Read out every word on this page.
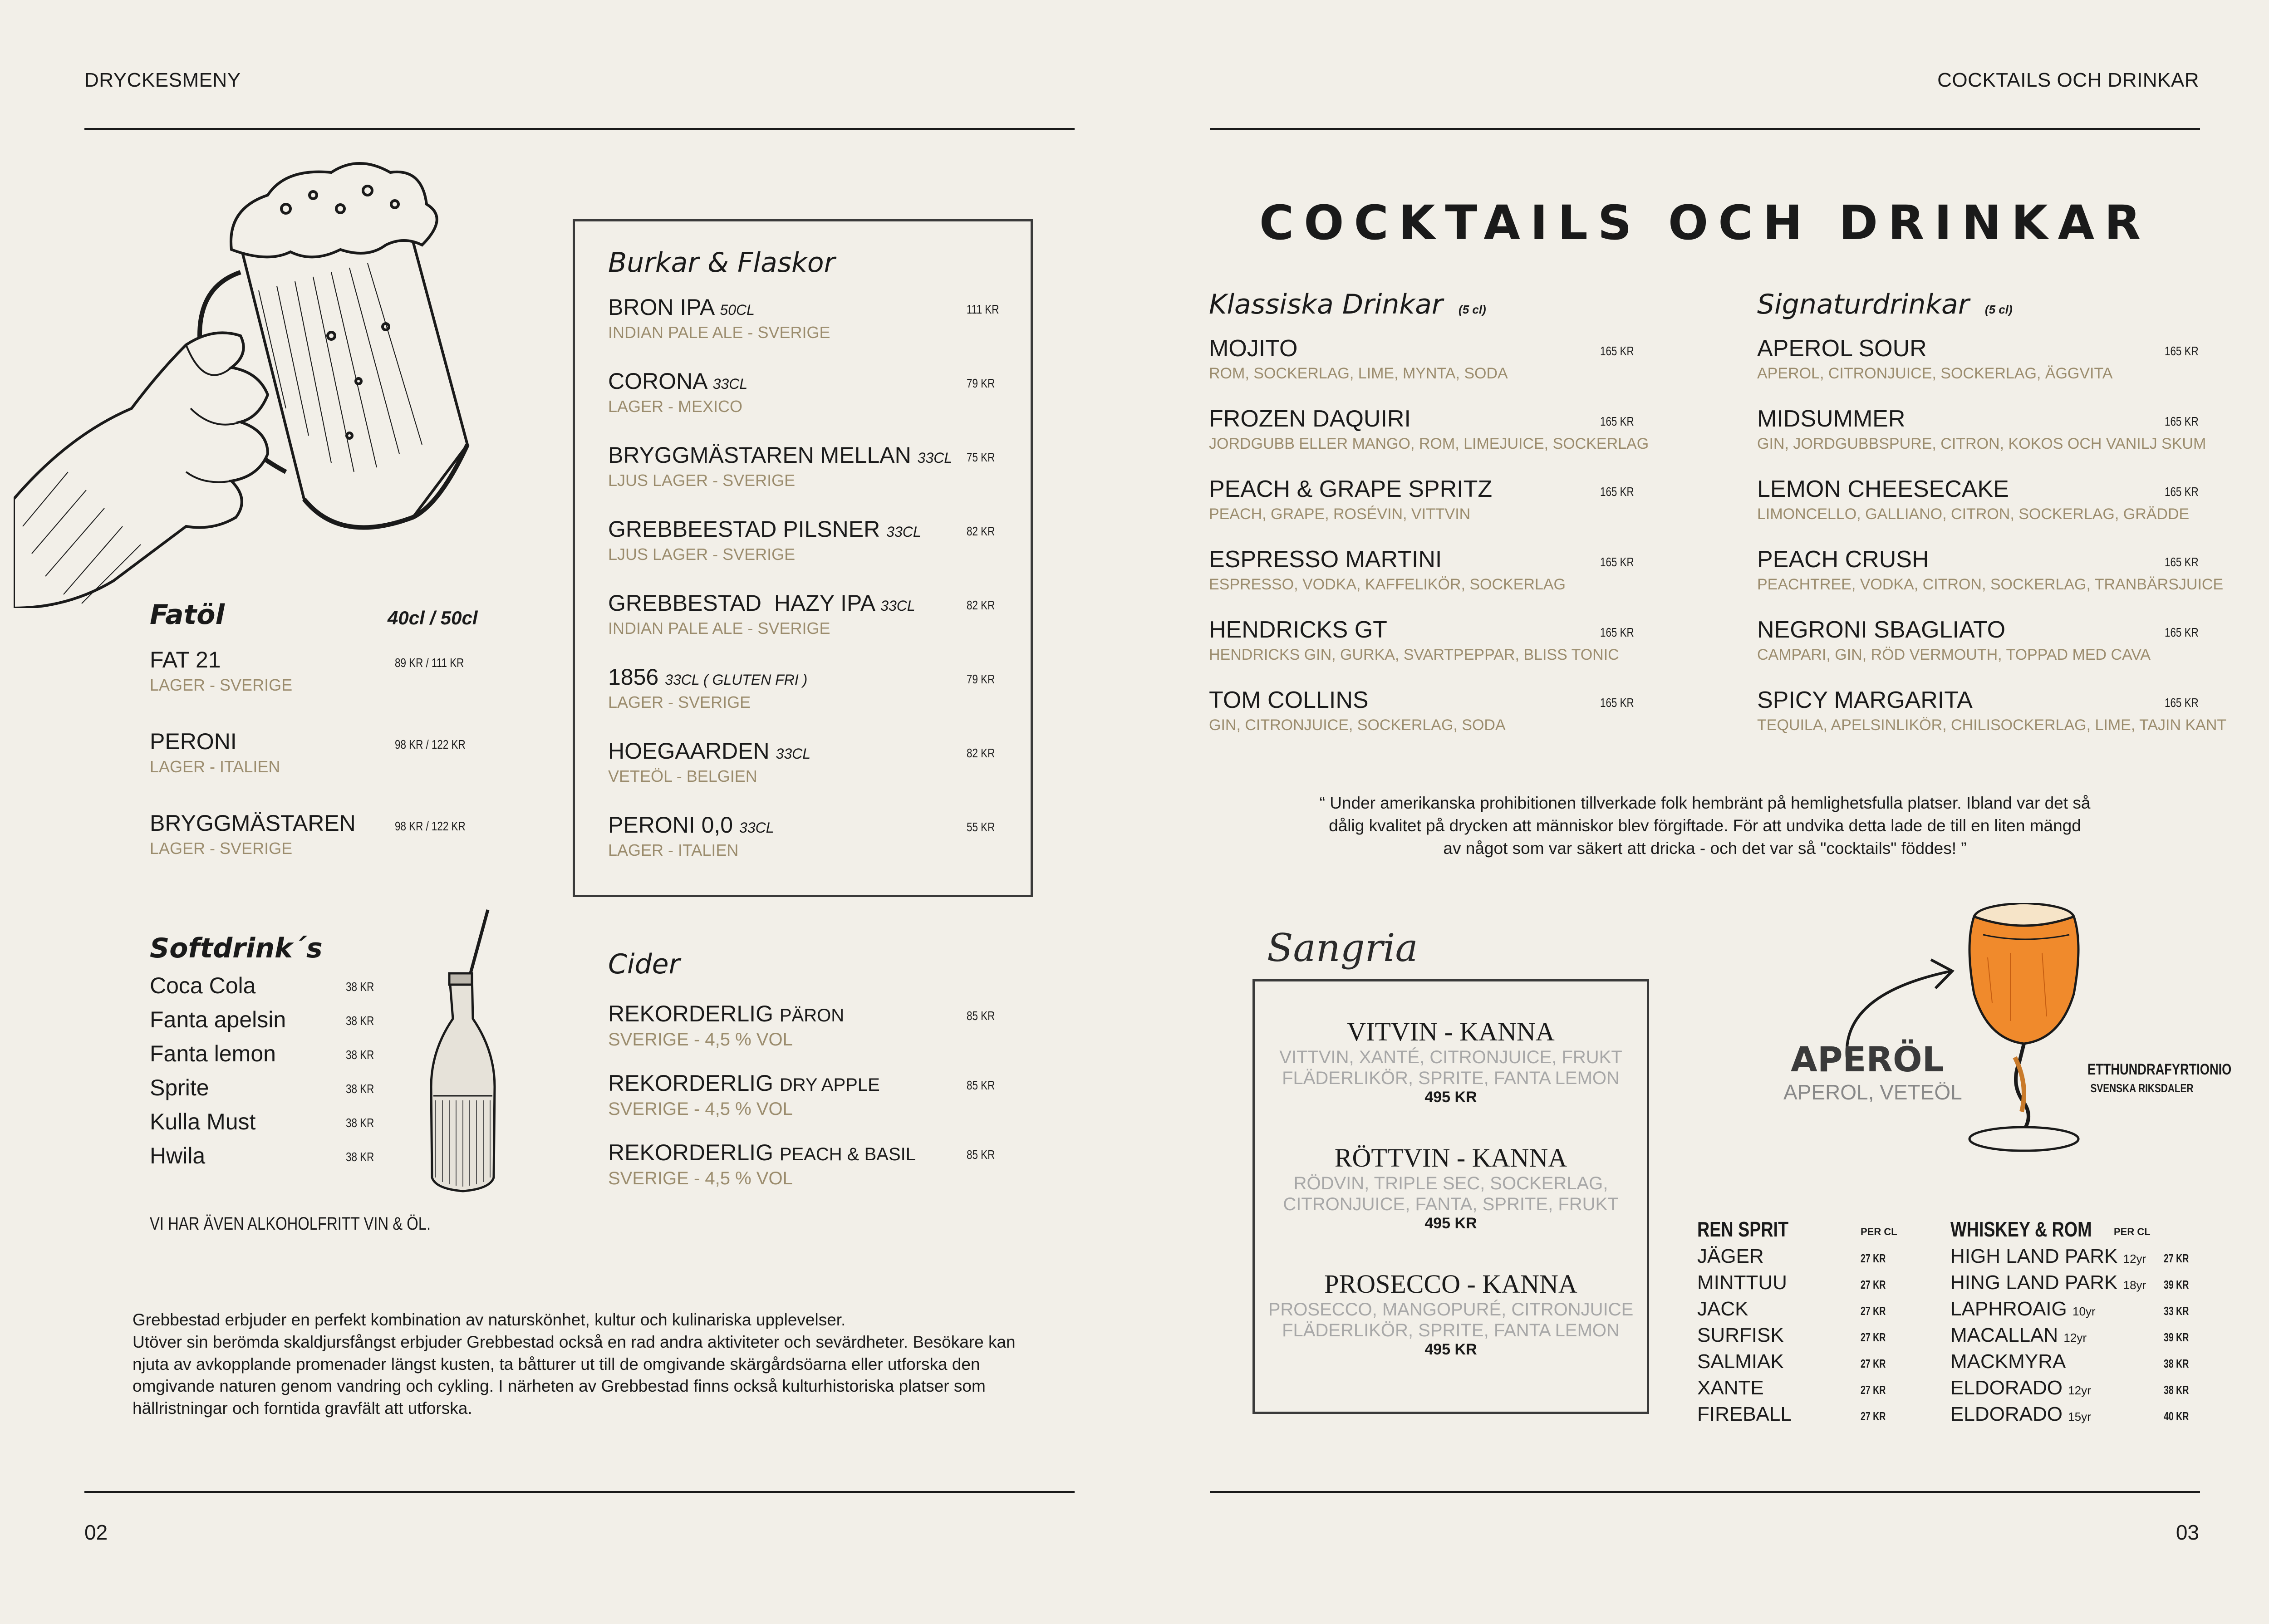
DRYCKESMENY	COCKTAILS OCH DRINKAR
02	03
Fatöl	40cl / 50cl
FAT 21
LAGER - SVERIGE
89 KR / 111 KR
PERONI
LAGER - ITALIEN
98 KR / 122 KR
BRYGGMÄSTAREN
LAGER - SVERIGE
98 KR / 122 KR
Burkar & Flaskor
BRON IPA 50CL
INDIAN PALE ALE - SVERIGE
111 KR
CORONA 33CL
LAGER - MEXICO
79 KR
BRYGGMÄSTAREN MELLAN 33CL
LJUS LAGER - SVERIGE
75 KR
GREBBEESTAD PILSNER 33CL
LJUS LAGER - SVERIGE
82 KR
GREBBESTAD  HAZY IPA 33CL
INDIAN PALE ALE - SVERIGE
82 KR
1856 33CL ( GLUTEN FRI )
LAGER - SVERIGE
79 KR
HOEGAARDEN 33CL
VETEÖL - BELGIEN
82 KR
PERONI 0,0 33CL
LAGER - ITALIEN
55 KR
Softdrink´s
Coca Cola	38 KR
Fanta apelsin	38 KR
Fanta lemon	38 KR
Sprite	38 KR
Kulla Must	38 KR
Hwila	38 KR
VI HAR ÄVEN ALKOHOLFRITT VIN & ÖL.
Cider
REKORDERLIG PÄRON
SVERIGE - 4,5 % VOL
85 KR
REKORDERLIG DRY APPLE
SVERIGE - 4,5 % VOL
85 KR
REKORDERLIG PEACH & BASIL
SVERIGE - 4,5 % VOL
85 KR
Grebbestad erbjuder en perfekt kombination av naturskönhet, kultur och kulinariska upplevelser.
Utöver sin berömda skaldjursfångst erbjuder Grebbestad också en rad andra aktiviteter och sevärdheter. Besökare kan njuta av avkopplande promenader längst kusten, ta båtturer ut till de omgivande skärgårdsöarna eller utforska den omgivande naturen genom vandring och cykling. I närheten av Grebbestad finns också kulturhistoriska platser som hällristningar och forntida gravfält att utforska.
COCKTAILS OCH DRINKAR
Klassiska Drinkar (5 cl)
MOJITO
ROM, SOCKERLAG, LIME, MYNTA, SODA
165 KR
FROZEN DAQUIRI
JORDGUBB ELLER MANGO, ROM, LIMEJUICE, SOCKERLAG
165 KR
PEACH & GRAPE SPRITZ
PEACH, GRAPE, ROSÉVIN, VITTVIN
165 KR
ESPRESSO MARTINI
ESPRESSO, VODKA, KAFFELIKÖR, SOCKERLAG
165 KR
HENDRICKS GT
HENDRICKS GIN, GURKA, SVARTPEPPAR, BLISS TONIC
165 KR
TOM COLLINS
GIN, CITRONJUICE, SOCKERLAG, SODA
165 KR
Signaturdrinkar (5 cl)
APEROL SOUR
APEROL, CITRONJUICE, SOCKERLAG, ÄGGVITA
165 KR
MIDSUMMER
GIN, JORDGUBBSPURE, CITRON, KOKOS OCH VANILJ SKUM
165 KR
LEMON CHEESECAKE
LIMONCELLO, GALLIANO, CITRON, SOCKERLAG, GRÄDDE
165 KR
PEACH CRUSH
PEACHTREE, VODKA, CITRON, SOCKERLAG, TRANBÄRSJUICE
165 KR
NEGRONI SBAGLIATO
CAMPARI, GIN, RÖD VERMOUTH, TOPPAD MED CAVA
165 KR
SPICY MARGARITA
TEQUILA, APELSINLIKÖR, CHILISOCKERLAG, LIME, TAJIN KANT
165 KR
“ Under amerikanska prohibitionen tillverkade folk hembränt på hemlighetsfulla platser. Ibland var det så
dålig kvalitet på drycken att människor blev förgiftade. För att undvika detta lade de till en liten mängd
av något som var säkert att dricka - och det var så "cocktails" föddes! ”
Sangria
VITVIN - KANNA
VITTVIN, XANTÉ, CITRONJUICE, FRUKT
FLÄDERLIKÖR, SPRITE, FANTA LEMON
495 KR
RÖTTVIN - KANNA
RÖDVIN, TRIPLE SEC, SOCKERLAG,
CITRONJUICE, FANTA, SPRITE, FRUKT
495 KR
PROSECCO - KANNA
PROSECCO, MANGOPURÉ, CITRONJUICE
FLÄDERLIKÖR, SPRITE, FANTA LEMON
495 KR
APERÖL
APEROL, VETEÖL
ETTHUNDRAFYRTIONIO
SVENSKA RIKSDALER
REN SPRIT	PER CL
JÄGER	27 KR
MINTTUU	27 KR
JACK	27 KR
SURFISK	27 KR
SALMIAK	27 KR
XANTE	27 KR
FIREBALL	27 KR
WHISKEY & ROM PER CL
HIGH LAND PARK 12yr 27 KR
HING LAND PARK 18yr 39 KR
LAPHROAIG 10yr	33 KR
MACALLAN 12yr	39 KR
MACKMYRA	38 KR
ELDORADO 12yr	38 KR
ELDORADO 15yr	40 KR
